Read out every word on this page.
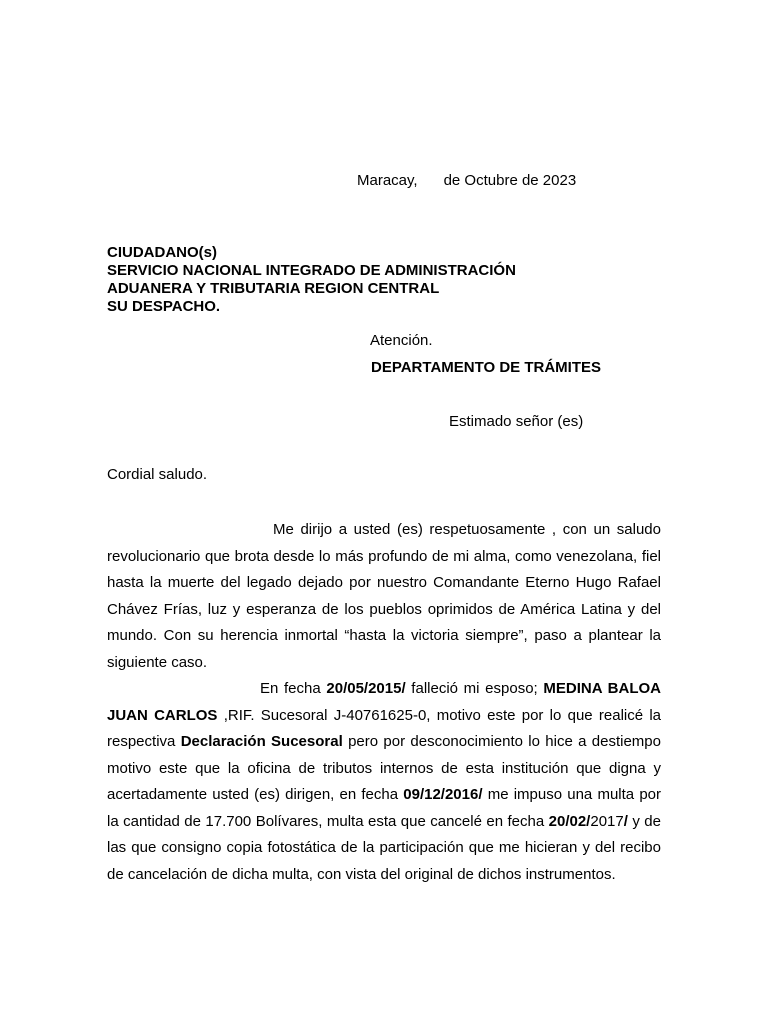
Maracay, de Octubre de 2023
CIUDADANO(s)
SERVICIO NACIONAL INTEGRADO DE ADMINISTRACIÓN
ADUANERA Y TRIBUTARIA REGION CENTRAL
SU DESPACHO.
Atención.
DEPARTAMENTO DE TRÁMITES
Estimado señor (es)
Cordial saludo.

Me dirijo a usted (es) respetuosamente , con un saludo revolucionario que brota desde lo más profundo de mi alma, como venezolana, fiel hasta la muerte del legado dejado por nuestro Comandante Eterno Hugo Rafael Chávez Frías, luz y esperanza de los pueblos oprimidos de América Latina y del mundo. Con su herencia inmortal “hasta la victoria siempre”, paso a plantear la siguiente caso.

En fecha 20/05/2015/ falleció mi esposo; MEDINA BALOA JUAN CARLOS ,RIF. Sucesoral J-40761625-0, motivo este por lo que realicé la respectiva Declaración Sucesoral pero por desconocimiento lo hice a destiempo motivo este que la oficina de tributos internos de esta institución que digna y acertadamente usted (es) dirigen, en fecha 09/12/2016/ me impuso una multa por la cantidad de 17.700 Bolívares, multa esta que cancelé en fecha 20/02/2017/ y de las que consigno copia fotostática de la participación que me hicieran y del recibo de cancelación de dicha multa, con vista del original de dichos instrumentos.
